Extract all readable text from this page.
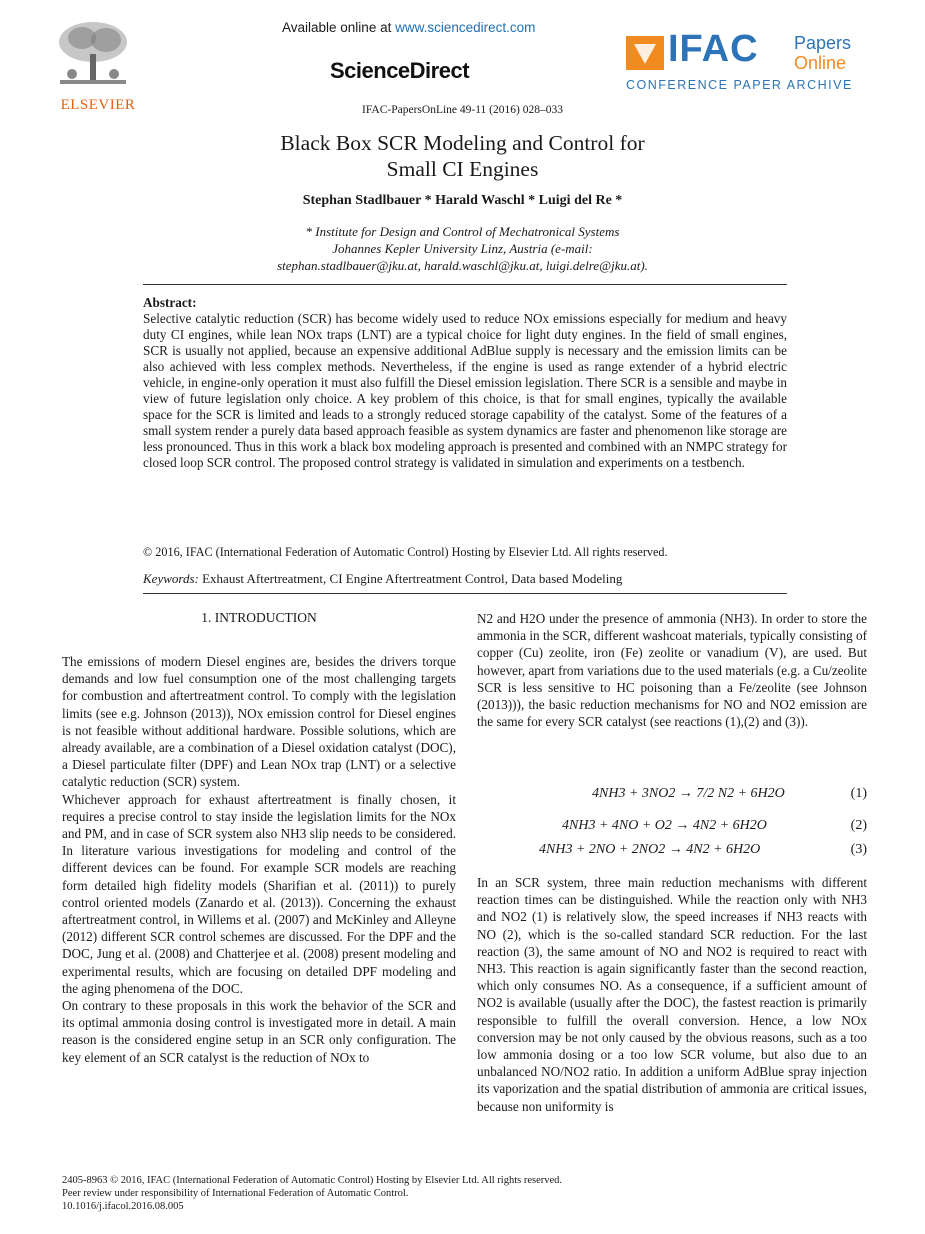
Available online at www.sciencedirect.com
ScienceDirect
ELSEVIER
IFAC Papers
Online
CONFERENCE PAPER ARCHIVE
IFAC-PapersOnLine 49-11 (2016) 028–033
Black Box SCR Modeling and Control for
Small CI Engines
Stephan Stadlbauer * Harald Waschl * Luigi del Re *
* Institute for Design and Control of Mechatronical Systems
Johannes Kepler University Linz, Austria (e-mail:
stephan.stadlbauer@jku.at, harald.waschl@jku.at, luigi.delre@jku.at).
Abstract:
Selective catalytic reduction (SCR) has become widely used to reduce NOx emissions especially for medium and heavy duty CI engines, while lean NOx traps (LNT) are a typical choice for light duty engines. In the field of small engines, SCR is usually not applied, because an expensive additional AdBlue supply is necessary and the emission limits can be also achieved with less complex methods. Nevertheless, if the engine is used as range extender of a hybrid electric vehicle, in engine-only operation it must also fulfill the Diesel emission legislation. There SCR is a sensible and maybe in view of future legislation only choice. A key problem of this choice, is that for small engines, typically the available space for the SCR is limited and leads to a strongly reduced storage capability of the catalyst. Some of the features of a small system render a purely data based approach feasible as system dynamics are faster and phenomenon like storage are less pronounced. Thus in this work a black box modeling approach is presented and combined with an NMPC strategy for closed loop SCR control. The proposed control strategy is validated in simulation and experiments on a testbench.
© 2016, IFAC (International Federation of Automatic Control) Hosting by Elsevier Ltd. All rights reserved.
Keywords: Exhaust Aftertreatment, CI Engine Aftertreatment Control, Data based Modeling
1. INTRODUCTION

The emissions of modern Diesel engines are, besides the drivers torque demands and low fuel consumption one of the most challenging targets for combustion and aftertreatment control. To comply with the legislation limits (see e.g. Johnson (2013)), NOx emission control for Diesel engines is not feasible without additional hardware. Possible solutions, which are already available, are a combination of a Diesel oxidation catalyst (DOC), a Diesel particulate filter (DPF) and Lean NOx trap (LNT) or a selective catalytic reduction (SCR) system.

Whichever approach for exhaust aftertreatment is finally chosen, it requires a precise control to stay inside the legislation limits for the NOx and PM, and in case of SCR system also NH3 slip needs to be considered. In literature various investigations for modeling and control of the different devices can be found. For example SCR models are reaching form detailed high fidelity models (Sharifian et al. (2011)) to purely control oriented models (Zanardo et al. (2013)). Concerning the exhaust aftertreatment control, in Willems et al. (2007) and McKinley and Alleyne (2012) different SCR control schemes are discussed. For the DPF and the DOC, Jung et al. (2008) and Chatterjee et al. (2008) present modeling and experimental results, which are focusing on detailed DPF modeling and the aging phenomena of the DOC.

On contrary to these proposals in this work the behavior of the SCR and its optimal ammonia dosing control is investigated more in detail. A main reason is the considered engine setup in an SCR only configuration. The key element of an SCR catalyst is the reduction of NOx to

N2 and H2O under the presence of ammonia (NH3). In order to store the ammonia in the SCR, different washcoat materials, typically consisting of copper (Cu) zeolite, iron (Fe) zeolite or vanadium (V), are used. But however, apart from variations due to the used materials (e.g. a Cu/zeolite SCR is less sensitive to HC poisoning than a Fe/zeolite (see Johnson (2013))), the basic reduction mechanisms for NO and NO2 emission are the same for every SCR catalyst (see reactions (1),(2) and (3)).

4NH3 + 3NO2 → 7/2 N2 + 6H2O	(1)
4NH3 + 4NO + O2 → 4N2 + 6H2O	(2)
4NH3 + 2NO + 2NO2 → 4N2 + 6H2O	(3)

In an SCR system, three main reduction mechanisms with different reaction times can be distinguished. While the reaction only with NH3 and NO2 (1) is relatively slow, the speed increases if NH3 reacts with NO (2), which is the so-called standard SCR reduction. For the last reaction (3), the same amount of NO and NO2 is required to react with NH3. This reaction is again significantly faster than the second reaction, which only consumes NO. As a consequence, if a sufficient amount of NO2 is available (usually after the DOC), the fastest reaction is primarily responsible to fulfill the overall conversion. Hence, a low NOx conversion may be not only caused by the obvious reasons, such as a too low ammonia dosing or a too low SCR volume, but also due to an unbalanced NO/NO2 ratio. In addition a uniform AdBlue spray injection its vaporization and the spatial distribution of ammonia are critical issues, because non uniformity is

2405-8963 © 2016, IFAC (International Federation of Automatic Control) Hosting by Elsevier Ltd. All rights reserved.
Peer review under responsibility of International Federation of Automatic Control.
10.1016/j.ifacol.2016.08.005
